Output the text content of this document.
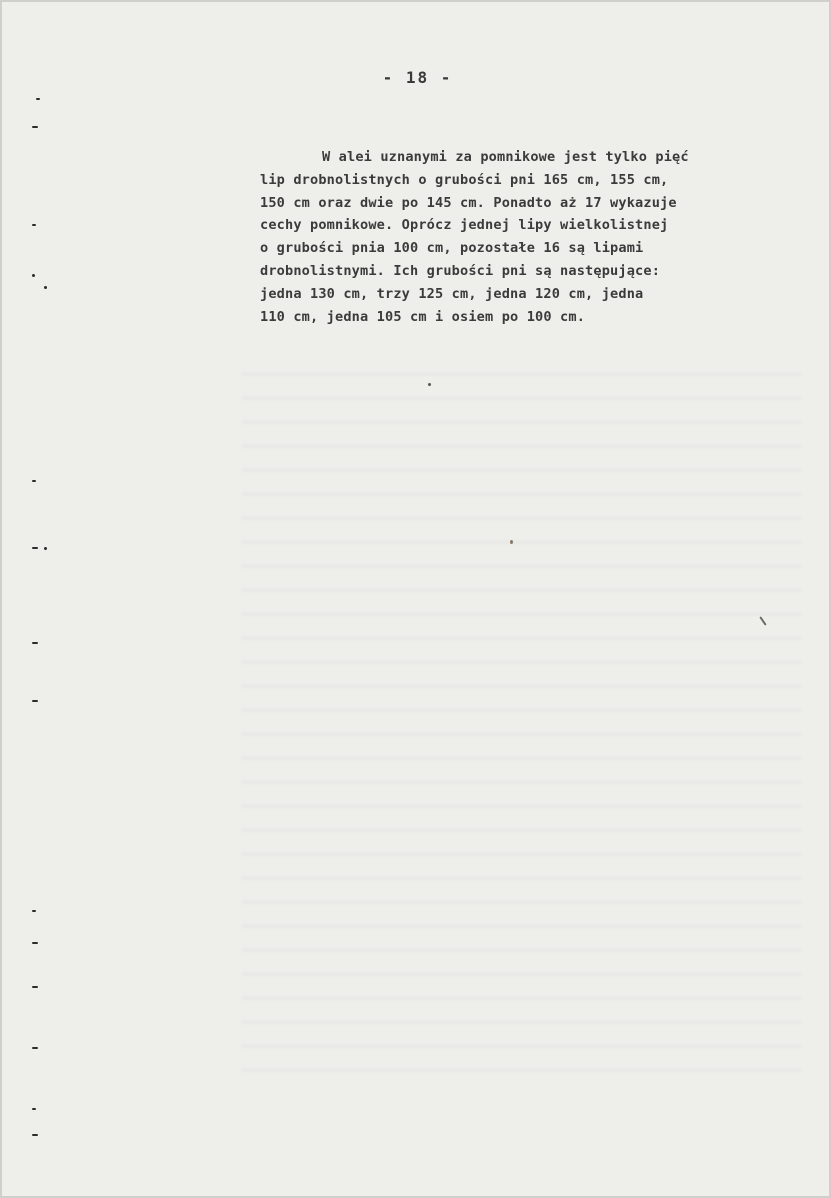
- 18 -
W alei uznanymi za pomnikowe jest tylko pięć
lip drobnolistnych o grubości pni 165 cm, 155 cm,
150 cm oraz dwie po 145 cm. Ponadto aż 17 wykazuje
cechy pomnikowe. Oprócz jednej lipy wielkolistnej
o grubości pnia 100 cm, pozostałe 16 są lipami
drobnolistnymi. Ich grubości pni są następujące:
jedna 130 cm, trzy 125 cm, jedna 120 cm, jedna
110 cm, jedna 105 cm i osiem po 100 cm.
